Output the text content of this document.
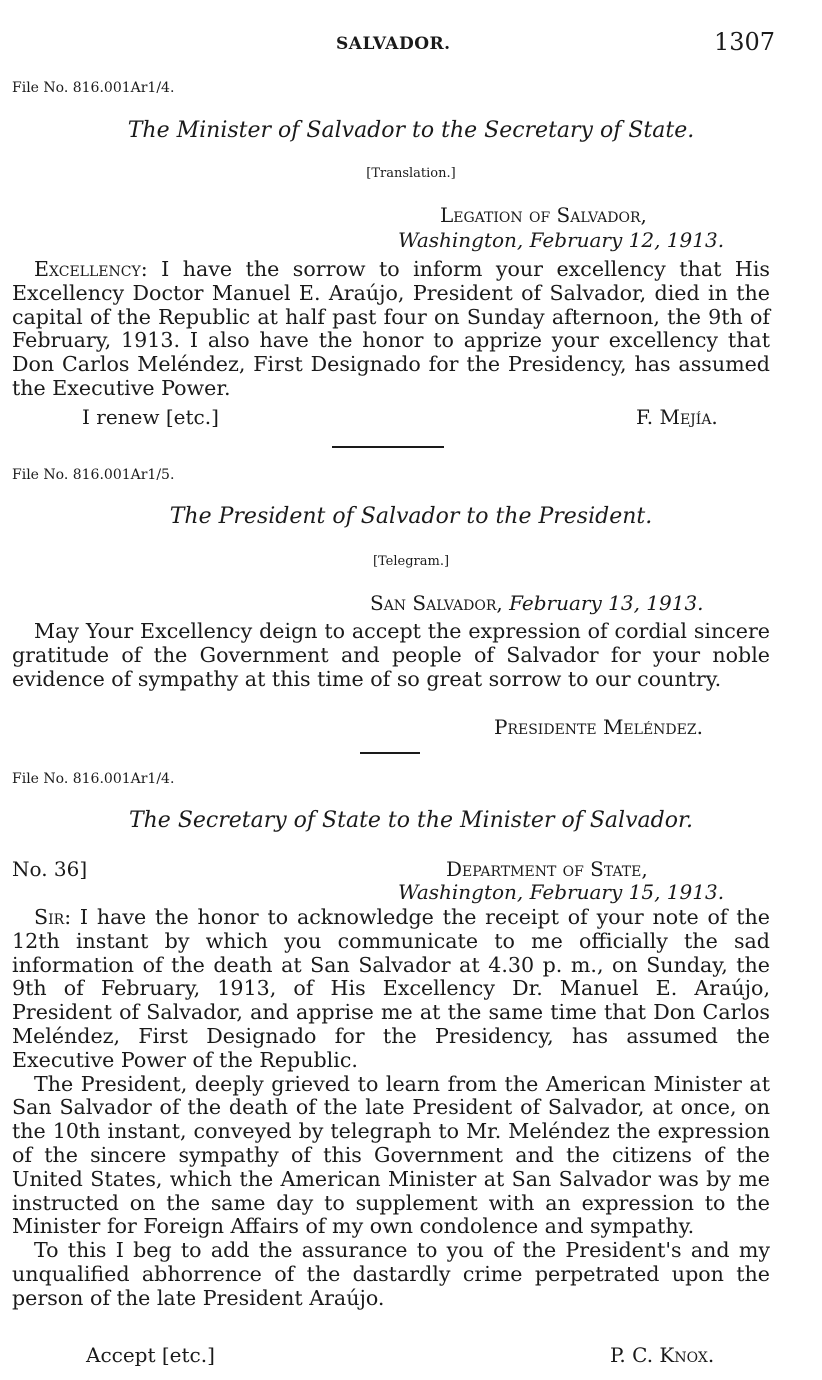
SALVADOR.	1307
File No. 816.001Ar1/4.
The Minister of Salvador to the Secretary of State.
[Translation.]
Legation of Salvador,
Washington, February 12, 1913.

Excellency: I have the sorrow to inform your excellency that His Excellency Doctor Manuel E. Araújo, President of Salvador, died in the capital of the Republic at half past four on Sunday afternoon, the 9th of February, 1913. I also have the honor to apprize your excellency that Don Carlos Meléndez, First Designado for the Presidency, has assumed the Executive Power.

I renew [etc.]	F. Mejía.
File No. 816.001Ar1/5.
The President of Salvador to the President.
[Telegram.]
San Salvador, February 13, 1913.

May Your Excellency deign to accept the expression of cordial sincere gratitude of the Government and people of Salvador for your noble evidence of sympathy at this time of so great sorrow to our country.

Presidente Meléndez.
File No. 816.001Ar1/4.
The Secretary of State to the Minister of Salvador.
No. 36]	Department of State,
Washington, February 15, 1913.

Sir: I have the honor to acknowledge the receipt of your note of the 12th instant by which you communicate to me officially the sad information of the death at San Salvador at 4.30 p. m., on Sunday, the 9th of February, 1913, of His Excellency Dr. Manuel E. Araújo, President of Salvador, and apprise me at the same time that Don Carlos Meléndez, First Designado for the Presidency, has assumed the Executive Power of the Republic.

The President, deeply grieved to learn from the American Minister at San Salvador of the death of the late President of Salvador, at once, on the 10th instant, conveyed by telegraph to Mr. Meléndez the expression of the sincere sympathy of this Government and the citizens of the United States, which the American Minister at San Salvador was by me instructed on the same day to supplement with an expression to the Minister for Foreign Affairs of my own condolence and sympathy.

To this I beg to add the assurance to you of the President's and my unqualified abhorrence of the dastardly crime perpetrated upon the person of the late President Araújo.

Accept [etc.]	P. C. Knox.
